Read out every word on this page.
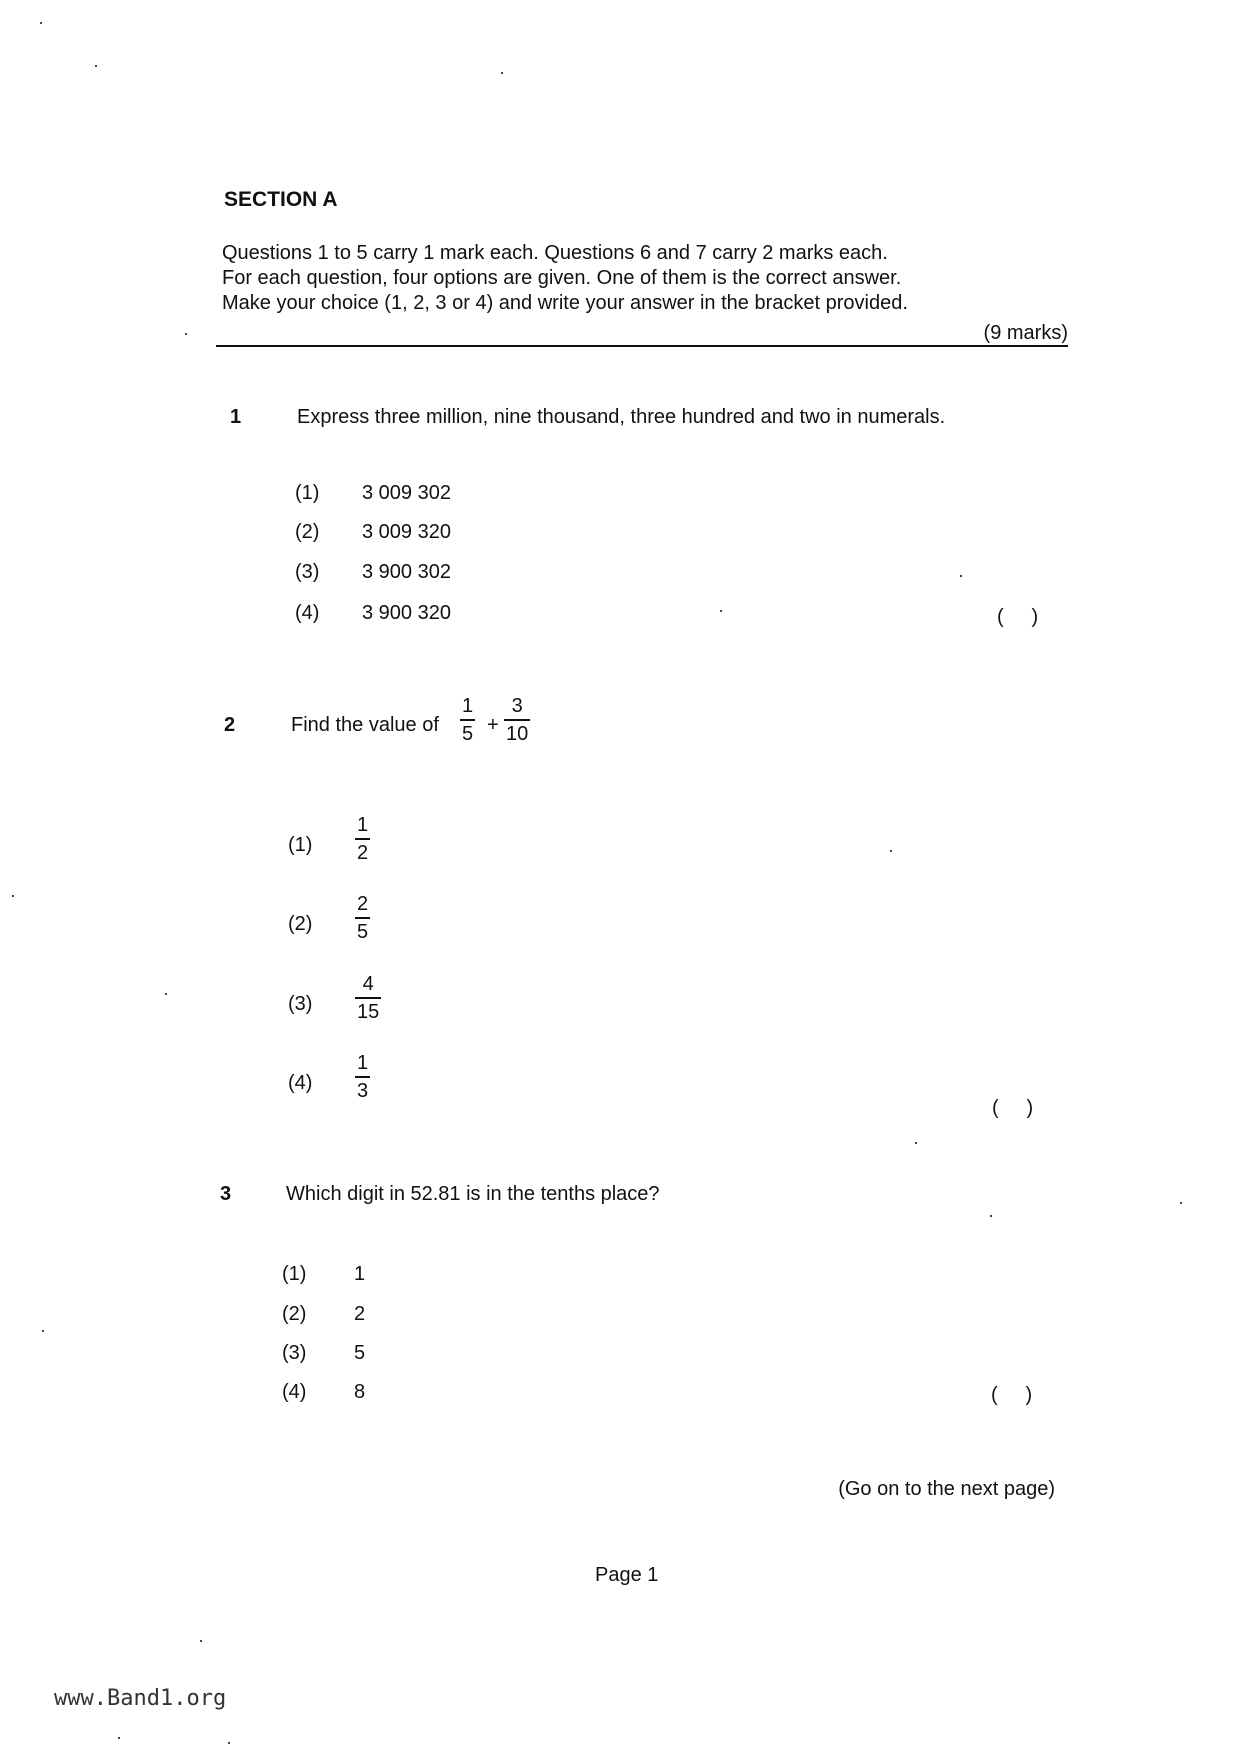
SECTION A
Questions 1 to 5 carry 1 mark each. Questions 6 and 7 carry 2 marks each.
For each question, four options are given. One of them is the correct answer.
Make your choice (1, 2, 3 or 4) and write your answer in the bracket provided.
(9 marks)
1	Express three million, nine thousand, three hundred and two in numerals.
(1) 3 009 302
(2) 3 009 320
(3) 3 900 302
(4) 3 900 320	(     )
2	Find the value of $\frac{1}{5} + \frac{3}{10}$
$(1) \frac{1}{2}$
$(2) \frac{2}{5}$
$(3) \frac{4}{15}$
$(4) \frac{1}{3}$
(     )
3	Which digit in 52.81 is in the tenths place?
(1) 1
(2) 2
(3) 5
(4) 8	(     )
(Go on to the next page)
Page 1
www.Band1.org
